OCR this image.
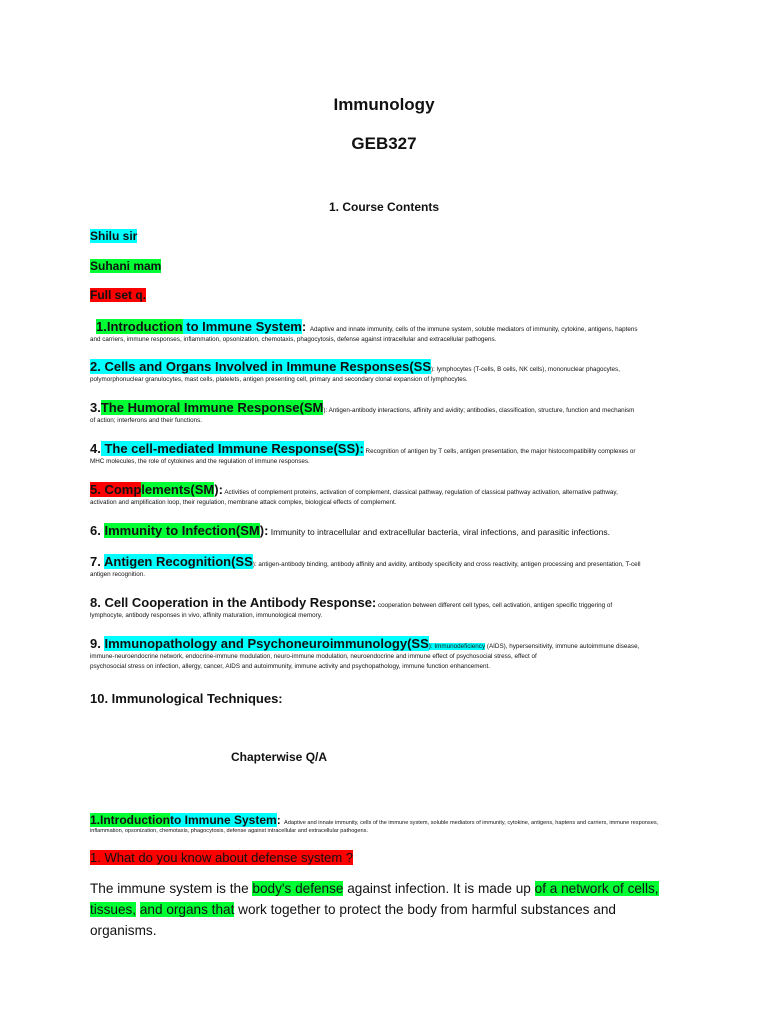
Immunology
GEB327
1. Course Contents
Shilu sir
Suhani mam
Full set q.
1.Introduction to Immune System: Adaptive and innate immunity, cells of the immune system, soluble mediators of immunity, cytokine, antigens, haptens
and carriers, immune responses, inflammation, opsonization, chemotaxis, phagocytosis, defense against intracellular and extracellular pathogens.
2. Cells and Organs Involved in Immune Responses(SS): lymphocytes (T-cells, B cells, NK cells), mononuclear phagocytes,
polymorphonuclear granulocytes, mast cells, platelets, antigen presenting cell, primary and secondary clonal expansion of lymphocytes.
3.The Humoral Immune Response(SM): Antigen-antibody interactions, affinity and avidity; antibodies, classification, structure, function and mechanism
of action; interferons and their functions.
4. The cell-mediated Immune Response(SS): Recognition of antigen by T cells, antigen presentation, the major histocompatibility complexes or
MHC molecules, the role of cytokines and the regulation of immune responses.
5. Complements(SM): Activities of complement proteins, activation of complement, classical pathway, regulation of classical pathway activation, alternative pathway,
activation and amplification loop, their regulation, membrane attack complex, biological effects of complement.
6. Immunity to Infection(SM): Immunity to intracellular and extracellular bacteria, viral infections, and parasitic infections.
7. Antigen Recognition(SS): antigen-antibody binding, antibody affinity and avidity, antibody specificity and cross reactivity, antigen processing and presentation, T-cell
antigen recognition.
8. Cell Cooperation in the Antibody Response: cooperation between different cell types, cell activation, antigen specific triggering of
lymphocyte, antibody responses in vivo, affinity maturation, immunological memory.
9. Immunopathology and Psychoneuroimmunology(SS): Immunodeficiency (AIDS), hypersensitivity, immune autoimmune disease,
immune-neuroendocrine network, endocrine-immune modulation, neuro-immune modulation, neuroendocrine and immune effect of psychosocial stress, effect of
psychosocial stress on infection, allergy, cancer, AIDS and autoimmunity, immune activity and psychopathology, immune function enhancement.
10. Immunological Techniques:
Chapterwise Q/A
1.Introductionto Immune System: Adaptive and innate immunity, cells of the immune system, soluble mediators of immunity, cytokine, antigens, haptens and carriers, immune responses,
inflammation, opsonization, chemotaxis, phagocytosis, defense against intracellular and extracellular pathogens.
1. What do you know about defense system ?
The immune system is the body's defense against infection. It is made up of a network of cells, tissues, and organs that work together to protect the body from harmful substances and organisms.
